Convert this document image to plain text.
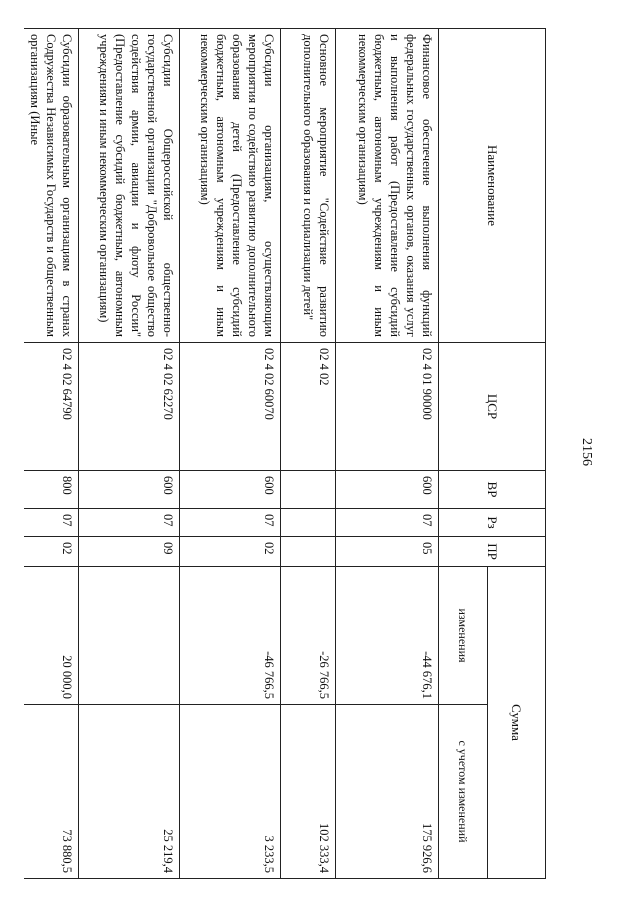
2156
Наименование	ЦСР	ВР	Рз	ПР	Сумма	
					изменения	с учетом изменений
Финансовое обеспечение выполнения функций федеральных государственных органов, оказания услуг и выполнения работ (Предоставление субсидий бюджетным, автономным учреждениям и иным некоммерческим организациям)	02 4 01 90000	600	07	05	-44 676,1	175 926,6
Основное мероприятие "Содействие развитию дополнительного образования и социализации детей"	02 4 02				-26 766,5	102 333,4
Субсидии организациям, осуществляющим мероприятия по содействию развитию дополнительного образования детей (Предоставление субсидий бюджетным, автономным учреждениям и иным некоммерческим организациям)	02 4 02 60070	600	07	02	-46 766,5	3 233,5
Субсидии Общероссийской общественно-государственной организации "Добровольное общество содействия армии, авиации и флоту России" (Предоставление субсидий бюджетным, автономным учреждениям и иным некоммерческим организациям)	02 4 02 62270	600	07	09		25 219,4
Субсидии образовательным организациям в странах Содружества Независимых Государств и общественным организациям (Иные	02 4 02 64790	800	07	02	20 000,0	73 880,5
